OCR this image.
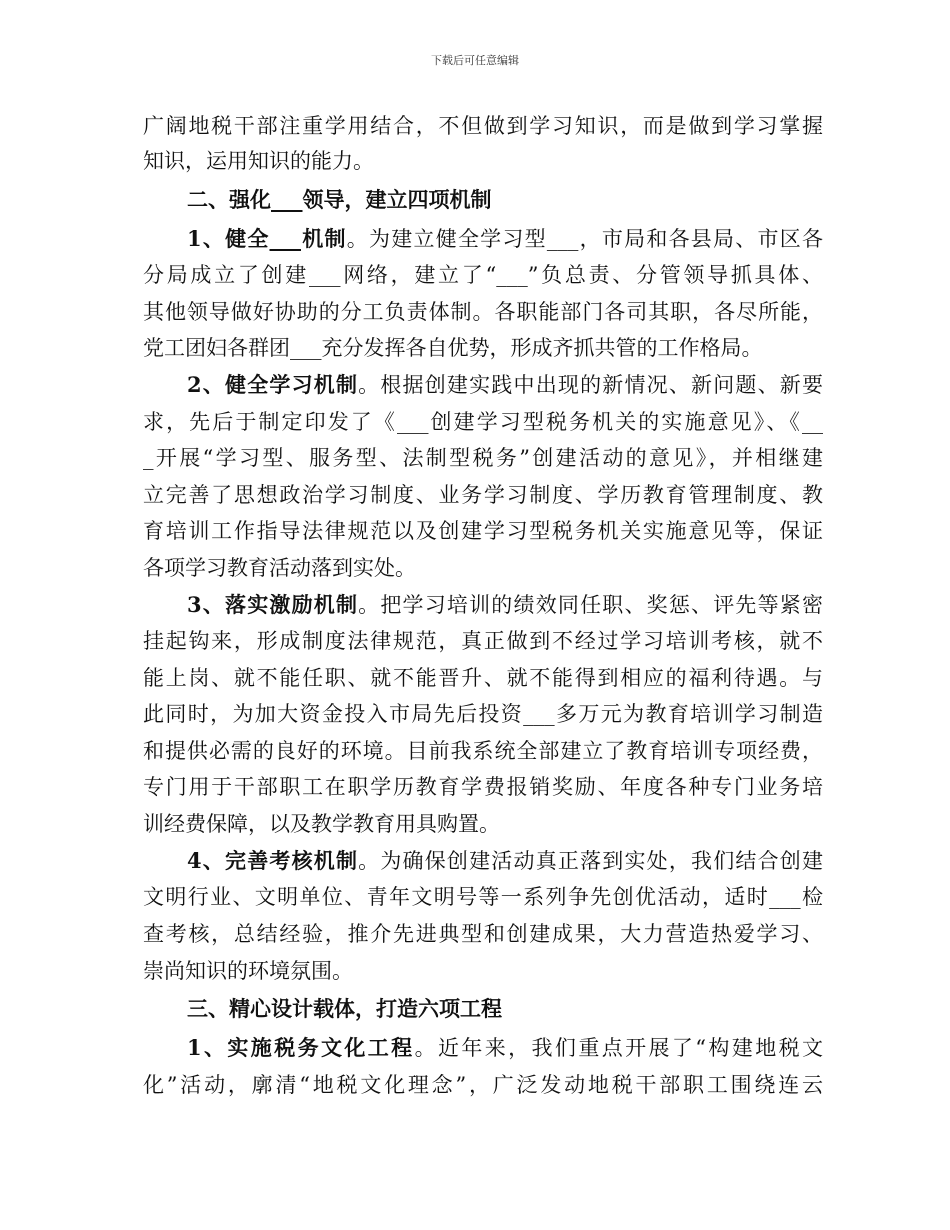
下载后可任意编辑
广阔地税干部注重学用结合，不但做到学习知识，而是做到学习掌握
知识，运用知识的能力。
二、强化___领导，建立四项机制
1、健全___机制。为建立健全学习型___，市局和各县局、市区各
分局成立了创建___网络，建立了“___”负总责、分管领导抓具体、
其他领导做好协助的分工负责体制。各职能部门各司其职，各尽所能，
党工团妇各群团___充分发挥各自优势，形成齐抓共管的工作格局。
2、健全学习机制。根据创建实践中出现的新情况、新问题、新要
求，先后于制定印发了《___创建学习型税务机关的实施意见》、《__
_开展“学习型、服务型、法制型税务”创建活动的意见》，并相继建
立完善了思想政治学习制度、业务学习制度、学历教育管理制度、教
育培训工作指导法律规范以及创建学习型税务机关实施意见等，保证
各项学习教育活动落到实处。
3、落实激励机制。把学习培训的绩效同任职、奖惩、评先等紧密
挂起钩来，形成制度法律规范，真正做到不经过学习培训考核，就不
能上岗、就不能任职、就不能晋升、就不能得到相应的福利待遇。与
此同时，为加大资金投入市局先后投资___多万元为教育培训学习制造
和提供必需的良好的环境。目前我系统全部建立了教育培训专项经费，
专门用于干部职工在职学历教育学费报销奖励、年度各种专门业务培
训经费保障，以及教学教育用具购置。
4、完善考核机制。为确保创建活动真正落到实处，我们结合创建
文明行业、文明单位、青年文明号等一系列争先创优活动，适时___检
查考核，总结经验，推介先进典型和创建成果，大力营造热爱学习、
崇尚知识的环境氛围。
三、精心设计载体，打造六项工程
1、实施税务文化工程。近年来，我们重点开展了“构建地税文
化”活动，廓清“地税文化理念”，广泛发动地税干部职工围绕连云
